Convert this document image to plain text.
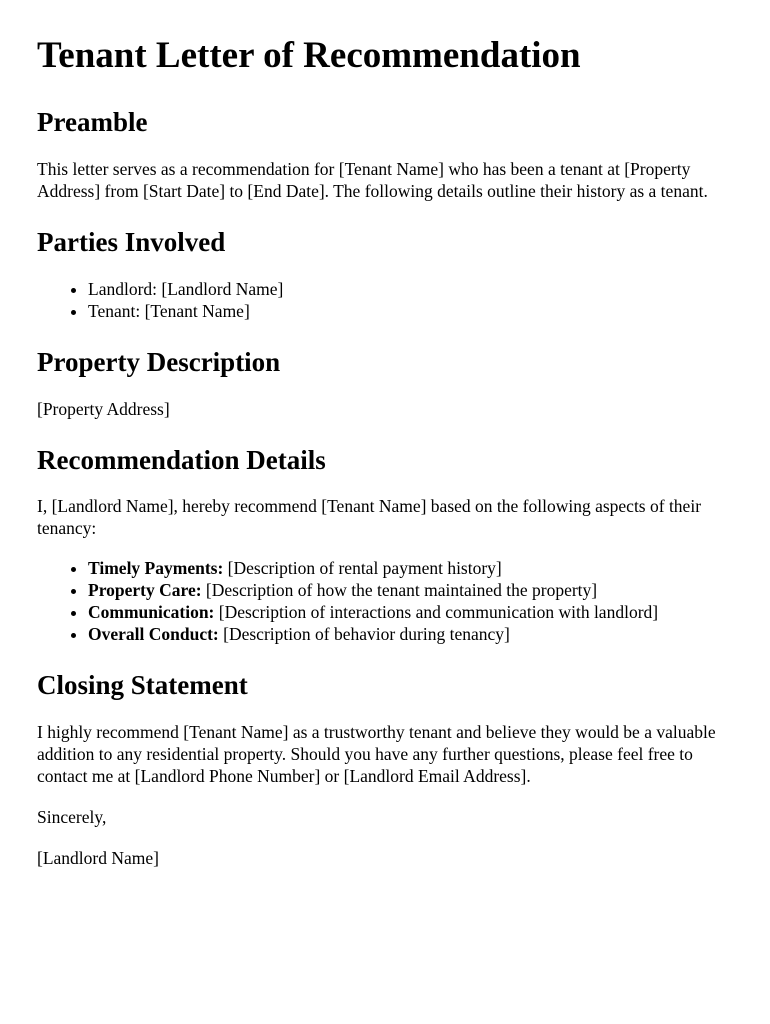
Tenant Letter of Recommendation
Preamble

This letter serves as a recommendation for [Tenant Name] who has been a tenant at [Property Address] from [Start Date] to [End Date]. The following details outline their history as a tenant.

Parties Involved
• Landlord: [Landlord Name]
• Tenant: [Tenant Name]
Property Description

[Property Address]

Recommendation Details

I, [Landlord Name], hereby recommend [Tenant Name] based on the following aspects of their tenancy:

• Timely Payments: [Description of rental payment history]
• Property Care: [Description of how the tenant maintained the property]
• Communication: [Description of interactions and communication with landlord]
• Overall Conduct: [Description of behavior during tenancy]
Closing Statement

I highly recommend [Tenant Name] as a trustworthy tenant and believe they would be a valuable addition to any residential property. Should you have any further questions, please feel free to contact me at [Landlord Phone Number] or [Landlord Email Address].

Sincerely,

[Landlord Name]
